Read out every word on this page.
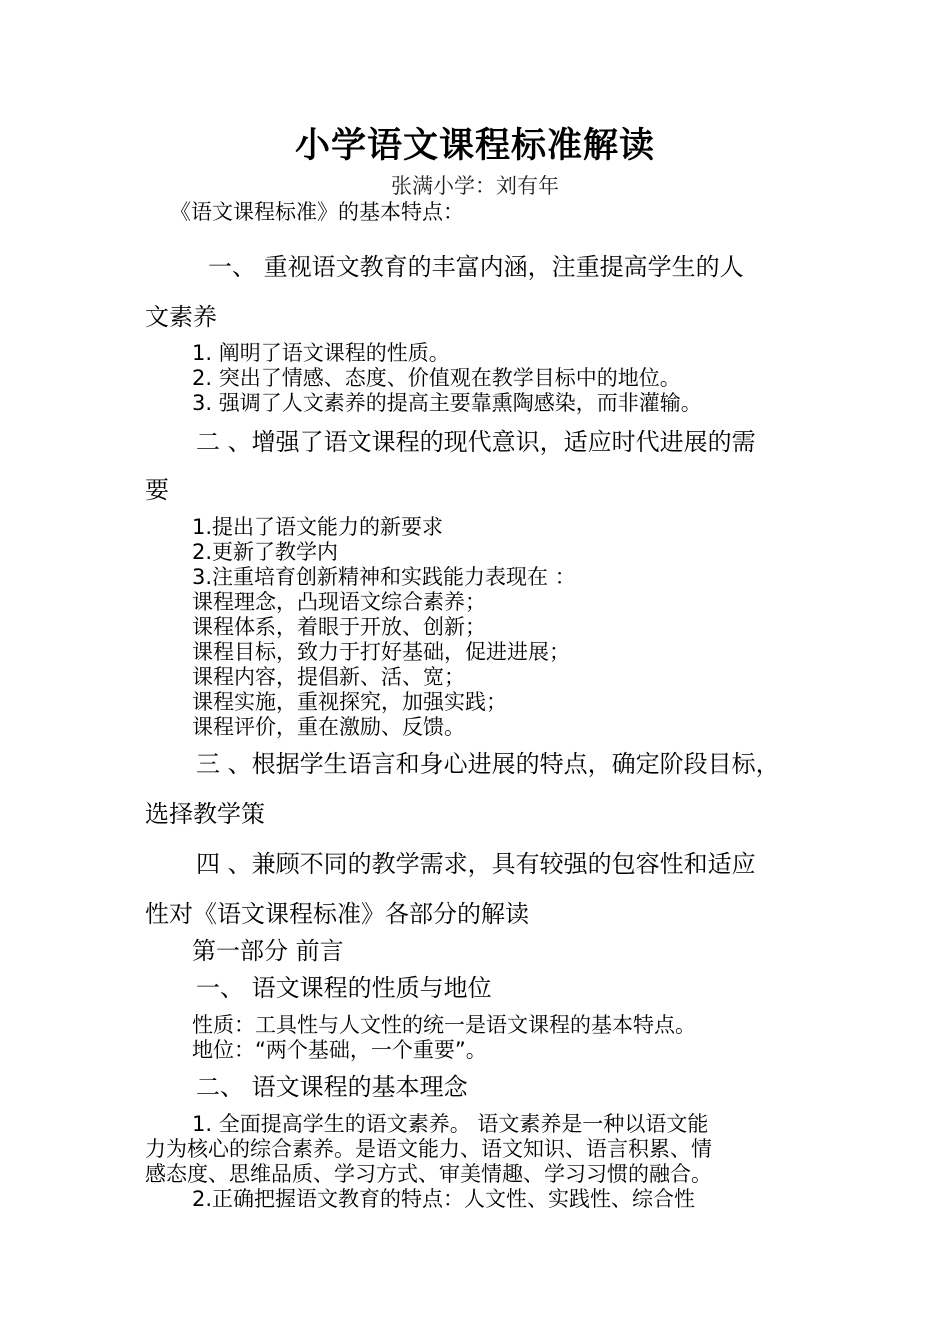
小学语文课程标准解读
张满小学：刘有年
《语文课程标准》的基本特点：
一、 重视语文教育的丰富内涵，注重提高学生的人
文素养
1. 阐明了语文课程的性质。
2. 突出了情感、态度、价值观在教学目标中的地位。
3. 强调了人文素养的提高主要靠熏陶感染，而非灌输。
二 、增强了语文课程的现代意识，适应时代进展的需
要
1.提出了语文能力的新要求
2.更新了教学内
3.注重培育创新精神和实践能力表现在 ：
课程理念，凸现语文综合素养；
课程体系，着眼于开放、创新；
课程目标，致力于打好基础，促进进展；
课程内容，提倡新、活、宽；
课程实施，重视探究，加强实践；
课程评价，重在激励、反馈。
三 、根据学生语言和身心进展的特点，确定阶段目标，
选择教学策
四 、兼顾不同的教学需求，具有较强的包容性和适应
性对《语文课程标准》各部分的解读
第一部分 前言
一、 语文课程的性质与地位
性质：工具性与人文性的统一是语文课程的基本特点。
地位：“两个基础，一个重要”。
二、 语文课程的基本理念
1. 全面提高学生的语文素养。 语文素养是一种以语文能
力为核心的综合素养。是语文能力、语文知识、语言积累、情
感态度、思维品质、学习方式、审美情趣、学习习惯的融合。
2.正确把握语文教育的特点：人文性、实践性、综合性
